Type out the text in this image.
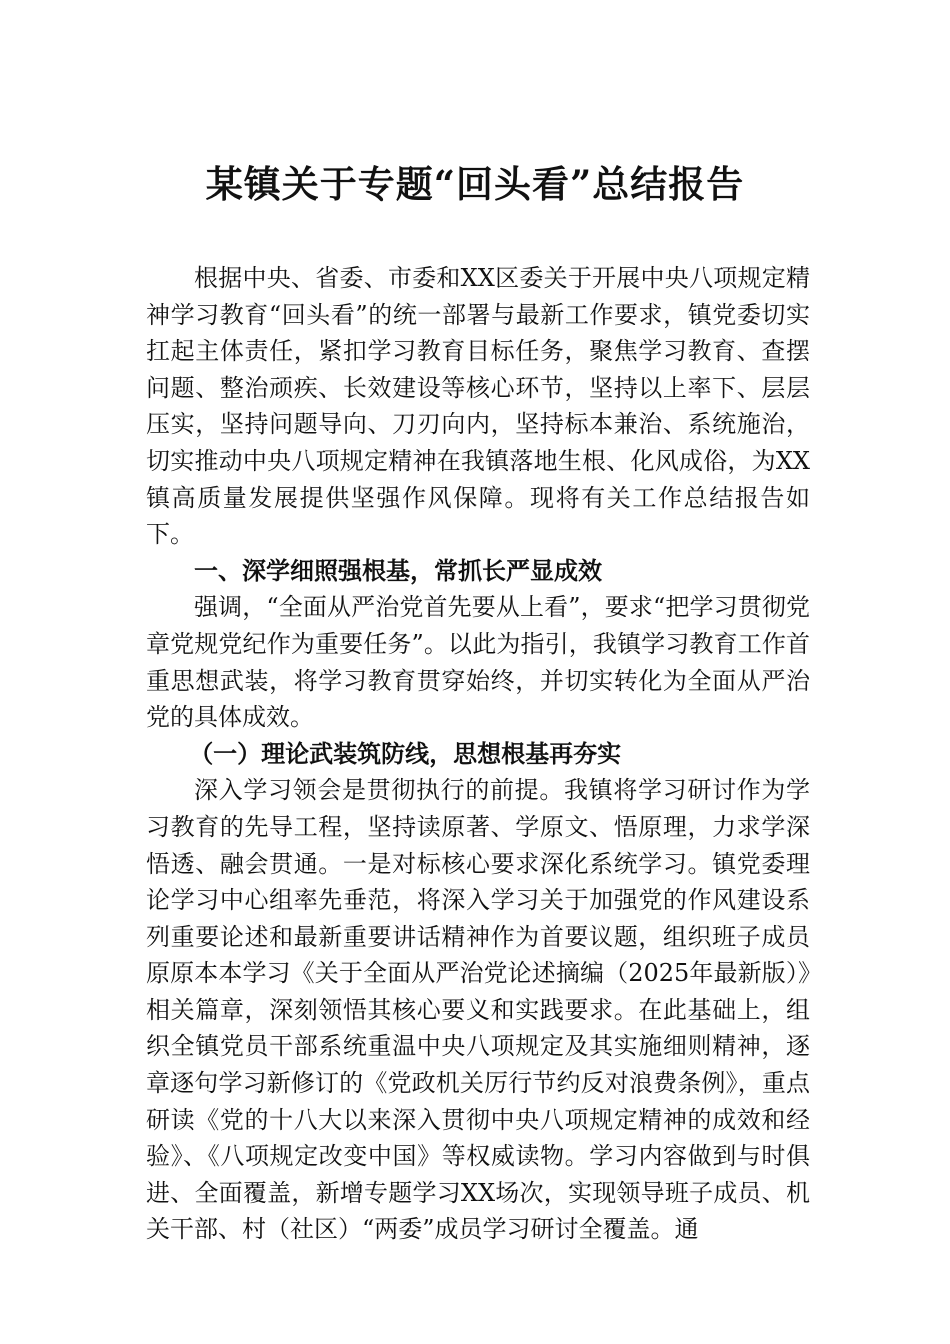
某镇关于专题“回头看”总结报告

根据中央、省委、市委和XX区委关于开展中央八项规定精神学习教育“回头看”的统一部署与最新工作要求，镇党委切实扛起主体责任，紧扣学习教育目标任务，聚焦学习教育、查摆问题、整治顽疾、长效建设等核心环节，坚持以上率下、层层压实，坚持问题导向、刀刃向内，坚持标本兼治、系统施治，切实推动中央八项规定精神在我镇落地生根、化风成俗，为XX镇高质量发展提供坚强作风保障。现将有关工作总结报告如下。

一、深学细照强根基，常抓长严显成效

强调，“全面从严治党首先要从上看”，要求“把学习贯彻党章党规党纪作为重要任务”。以此为指引，我镇学习教育工作首重思想武装，将学习教育贯穿始终，并切实转化为全面从严治党的具体成效。

（一）理论武装筑防线，思想根基再夯实

深入学习领会是贯彻执行的前提。我镇将学习研讨作为学习教育的先导工程，坚持读原著、学原文、悟原理，力求学深悟透、融会贯通。一是对标核心要求深化系统学习。镇党委理论学习中心组率先垂范，将深入学习关于加强党的作风建设系列重要论述和最新重要讲话精神作为首要议题，组织班子成员原原本本学习《关于全面从严治党论述摘编（2025年最新版）》相关篇章，深刻领悟其核心要义和实践要求。在此基础上，组织全镇党员干部系统重温中央八项规定及其实施细则精神，逐章逐句学习新修订的《党政机关厉行节约反对浪费条例》，重点研读《党的十八大以来深入贯彻中央八项规定精神的成效和经验》、《八项规定改变中国》等权威读物。学习内容做到与时俱进、全面覆盖，新增专题学习XX场次，实现领导班子成员、机关干部、村（社区）“两委”成员学习研讨全覆盖。通
